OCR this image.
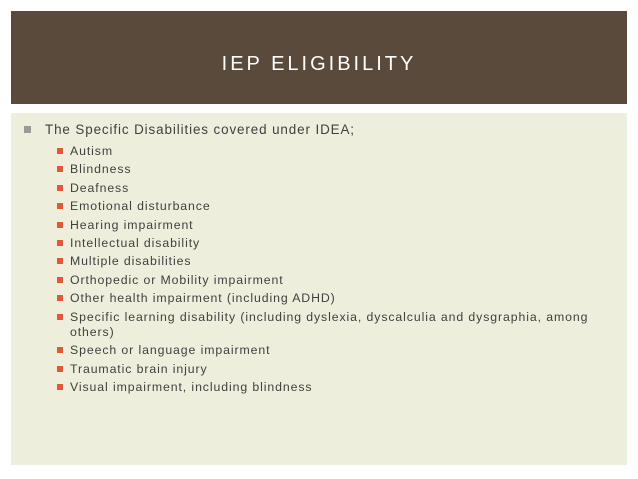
IEP ELIGIBILITY
The Specific Disabilities covered under IDEA;
Autism
Blindness
Deafness
Emotional disturbance
Hearing impairment
Intellectual disability
Multiple disabilities
Orthopedic or Mobility impairment
Other health impairment (including ADHD)
Specific learning disability (including dyslexia, dyscalculia and dysgraphia, among others)
Speech or language impairment
Traumatic brain injury
Visual impairment, including blindness
